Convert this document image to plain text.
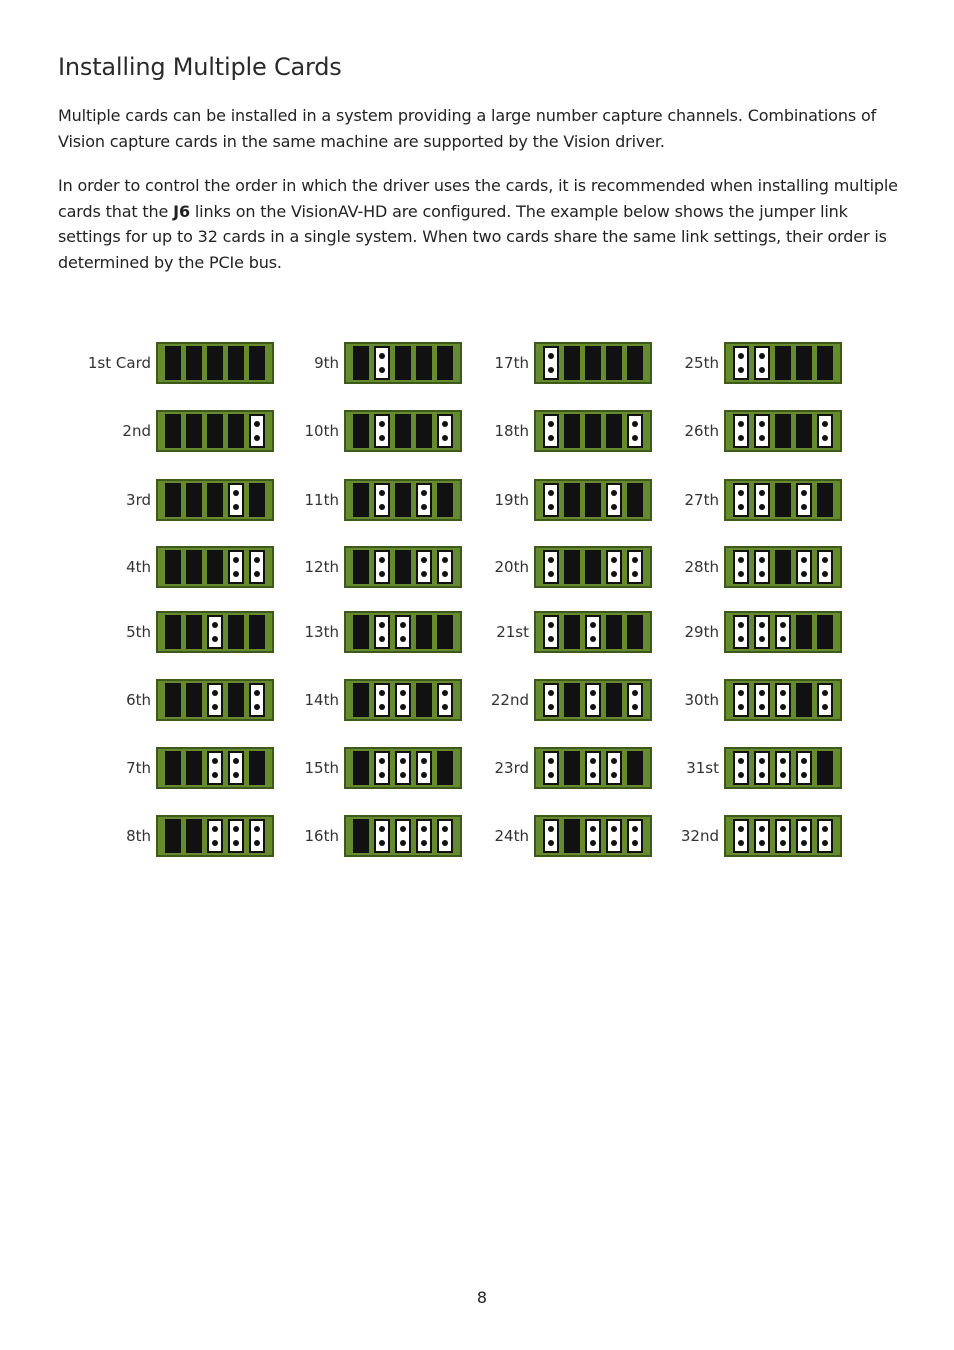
Installing Multiple Cards

Multiple cards can be installed in a system providing a large number capture channels. Combinations of Vision capture cards in the same machine are supported by the Vision driver.

In order to control the order in which the driver uses the cards, it is recommended when installing multiple cards that the J6 links on the VisionAV-HD are configured. The example below shows the jumper link settings for up to 32 cards in a single system. When two cards share the same link settings, their order is determined by the PCIe bus.

1st Card
2nd
3rd
4th
5th
6th
7th
8th
9th
10th
11th
12th
13th
14th
15th
16th
17th
18th
19th
20th
21st
22nd
23rd
24th
25th
26th
27th
28th
29th
30th
31st
32nd
8
